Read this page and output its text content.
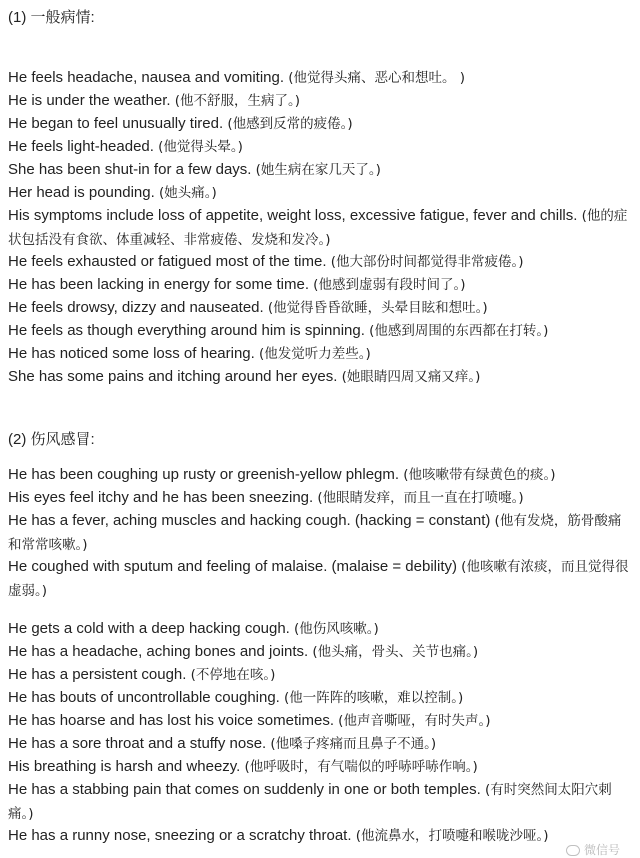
(1) 一般病情:
He feels headache, nausea and vomiting. (他觉得头痛、恶心和想吐。 )
He is under the weather. (他不舒服，生病了。)
He began to feel unusually tired. (他感到反常的疲倦。)
He feels light-headed. (他觉得头晕。)
She has been shut-in for a few days. (她生病在家几天了。)
Her head is pounding. (她头痛。)
His symptoms include loss of appetite, weight loss, excessive fatigue, fever and chills. (他的症状包括没有食欲、体重减轻、非常疲倦、发烧和发冷。)
He feels exhausted or fatigued most of the time. (他大部份时间都觉得非常疲倦。)
He has been lacking in energy for some time. (他感到虚弱有段时间了。)
He feels drowsy, dizzy and nauseated. (他觉得昏昏欲睡，头晕目眩和想吐。)
He feels as though everything around him is spinning. (他感到周围的东西都在打转。)
He has noticed some loss of hearing. (他发觉听力差些。)
She has some pains and itching around her eyes. (她眼睛四周又痛又痒。)
(2) 伤风感冒:
He has been coughing up rusty or greenish-yellow phlegm. (他咳嗽带有绿黄色的痰。)
His eyes feel itchy and he has been sneezing. (他眼睛发痒，而且一直在打喷嚏。)
He has a fever, aching muscles and hacking cough. (hacking = constant) (他有发烧，筋骨酸痛和常常咳嗽。)
He coughed with sputum and feeling of malaise. (malaise = debility) (他咳嗽有浓痰，而且觉得很虚弱。)
He gets a cold with a deep hacking cough. (他伤风咳嗽。)
He has a headache, aching bones and joints. (他头痛，骨头、关节也痛。)
He has a persistent cough. (不停地在咳。)
He has bouts of uncontrollable coughing. (他一阵阵的咳嗽，难以控制。)
He has hoarse and has lost his voice sometimes. (他声音嘶哑，有时失声。)
He has a sore throat and a stuffy nose. (他嗓子疼痛而且鼻子不通。)
His breathing is harsh and wheezy. (他呼吸时，有气喘似的呼哧呼哧作响。)
He has a stabbing pain that comes on suddenly in one or both temples. (有时突然间太阳穴刺痛。)
He has a runny nose, sneezing or a scratchy throat. (他流鼻水，打喷嚏和喉咙沙哑。)
微信号
